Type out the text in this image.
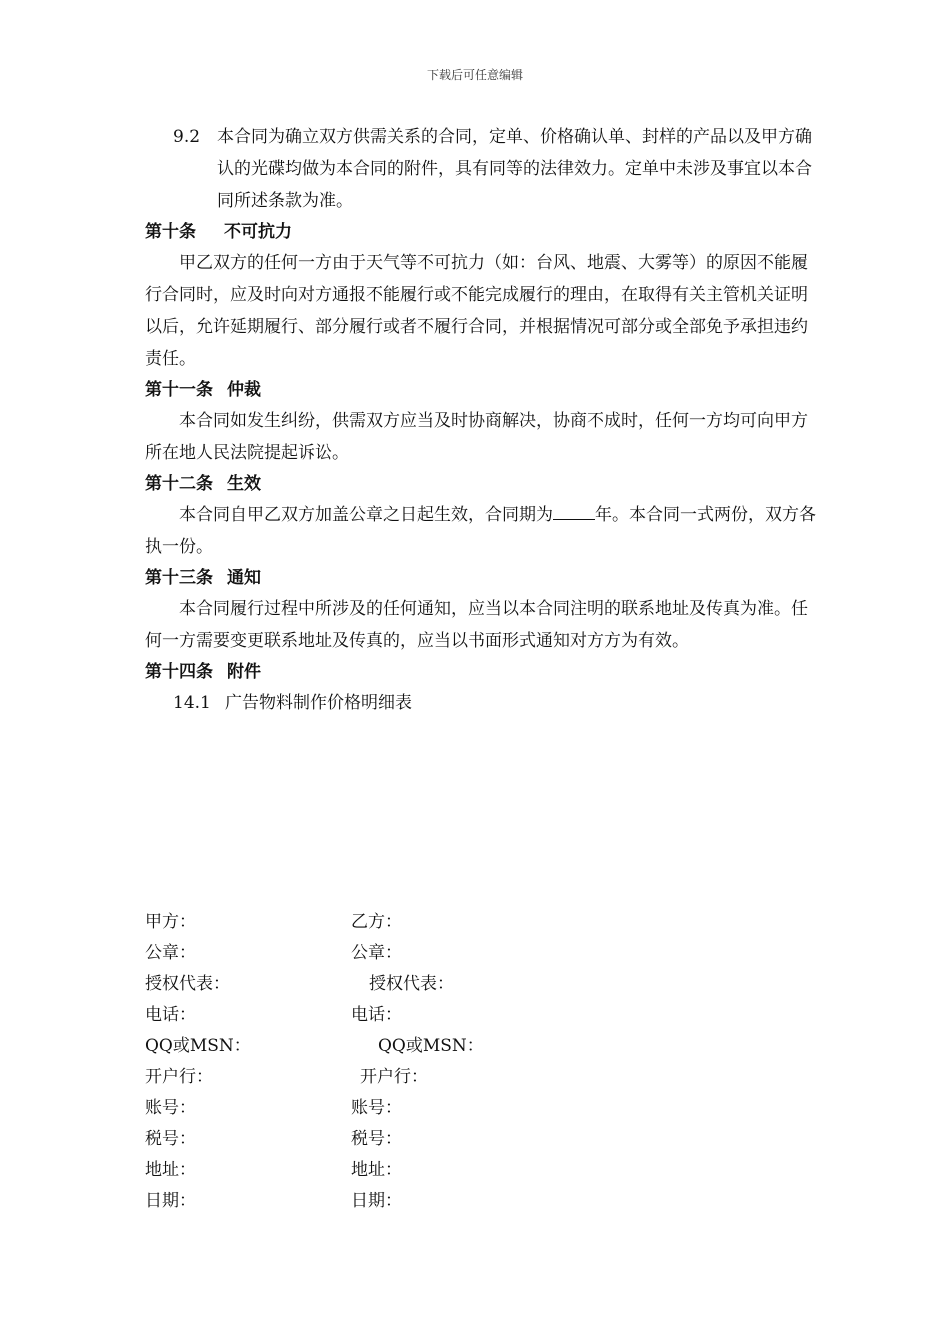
下载后可任意编辑
9.2 本合同为确立双方供需关系的合同，定单、价格确认单、封样的产品以及甲方确认的光碟均做为本合同的附件，具有同等的法律效力。定单中未涉及事宜以本合同所述条款为准。
第十条 不可抗力
甲乙双方的任何一方由于天气等不可抗力（如：台风、地震、大雾等）的原因不能履行合同时，应及时向对方通报不能履行或不能完成履行的理由，在取得有关主管机关证明以后，允许延期履行、部分履行或者不履行合同，并根据情况可部分或全部免予承担违约责任。
第十一条 仲裁
本合同如发生纠纷，供需双方应当及时协商解决，协商不成时，任何一方均可向甲方所在地人民法院提起诉讼。
第十二条 生效
本合同自甲乙双方加盖公章之日起生效，合同期为 年。本合同一式两份，双方各执一份。
第十三条 通知
本合同履行过程中所涉及的任何通知，应当以本合同注明的联系地址及传真为准。任何一方需要变更联系地址及传真的，应当以书面形式通知对方方为有效。
第十四条 附件
14.1 广告物料制作价格明细表
甲方：	乙方：
公章：	公章：
授权代表：	授权代表：
电话：	电话：
QQ或MSN：	QQ或MSN：
开户行：	开户行：
账号：	账号：
税号：	税号：
地址：	地址：
日期：	日期：
